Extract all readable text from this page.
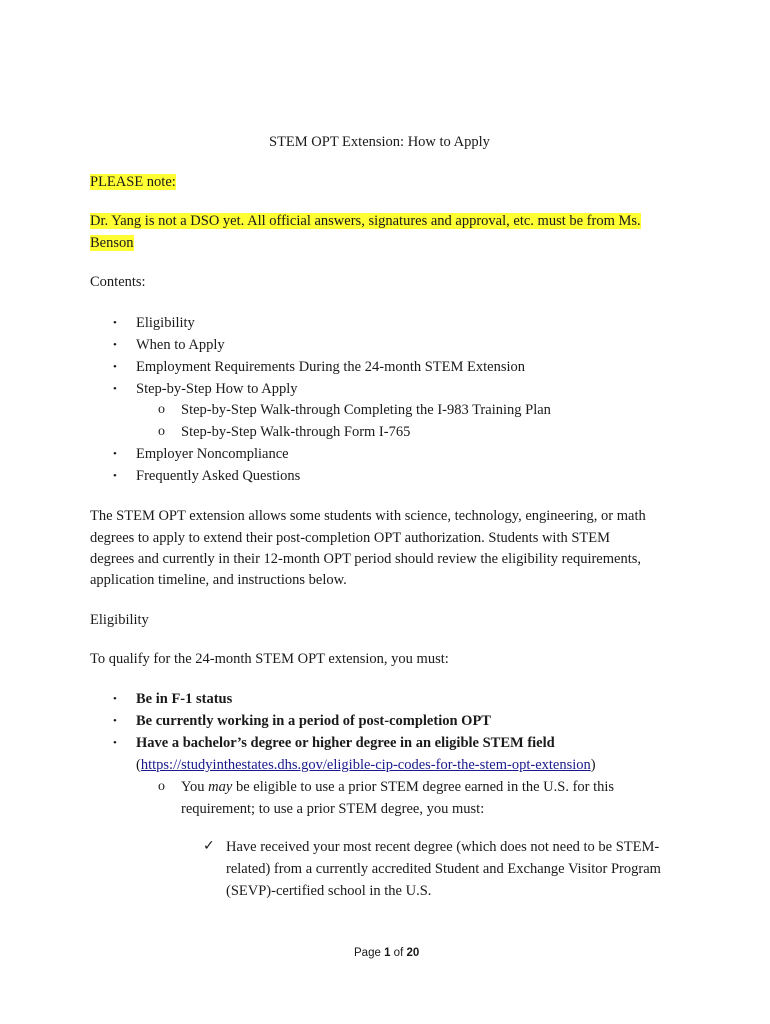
STEM OPT Extension: How to Apply
PLEASE note:
Dr. Yang is not a DSO yet. All official answers, signatures and approval, etc. must be from Ms.
Benson
Contents:
• Eligibility
• When to Apply
• Employment Requirements During the 24-month STEM Extension
• Step-by-Step How to Apply
o Step-by-Step Walk-through Completing the I-983 Training Plan
o Step-by-Step Walk-through Form I-765
• Employer Noncompliance
• Frequently Asked Questions
The STEM OPT extension allows some students with science, technology, engineering, or math
degrees to apply to extend their post-completion OPT authorization. Students with STEM
degrees and currently in their 12-month OPT period should review the eligibility requirements,
application timeline, and instructions below.
Eligibility
To qualify for the 24-month STEM OPT extension, you must:
• Be in F-1 status
• Be currently working in a period of post-completion OPT
• Have a bachelor’s degree or higher degree in an eligible STEM field
(https://studyinthestates.dhs.gov/eligible-cip-codes-for-the-stem-opt-extension)
o You may be eligible to use a prior STEM degree earned in the U.S. for this
requirement; to use a prior STEM degree, you must:
✓ Have received your most recent degree (which does not need to be STEM-
related) from a currently accredited Student and Exchange Visitor Program
(SEVP)-certified school in the U.S.
Page 1 of 20
